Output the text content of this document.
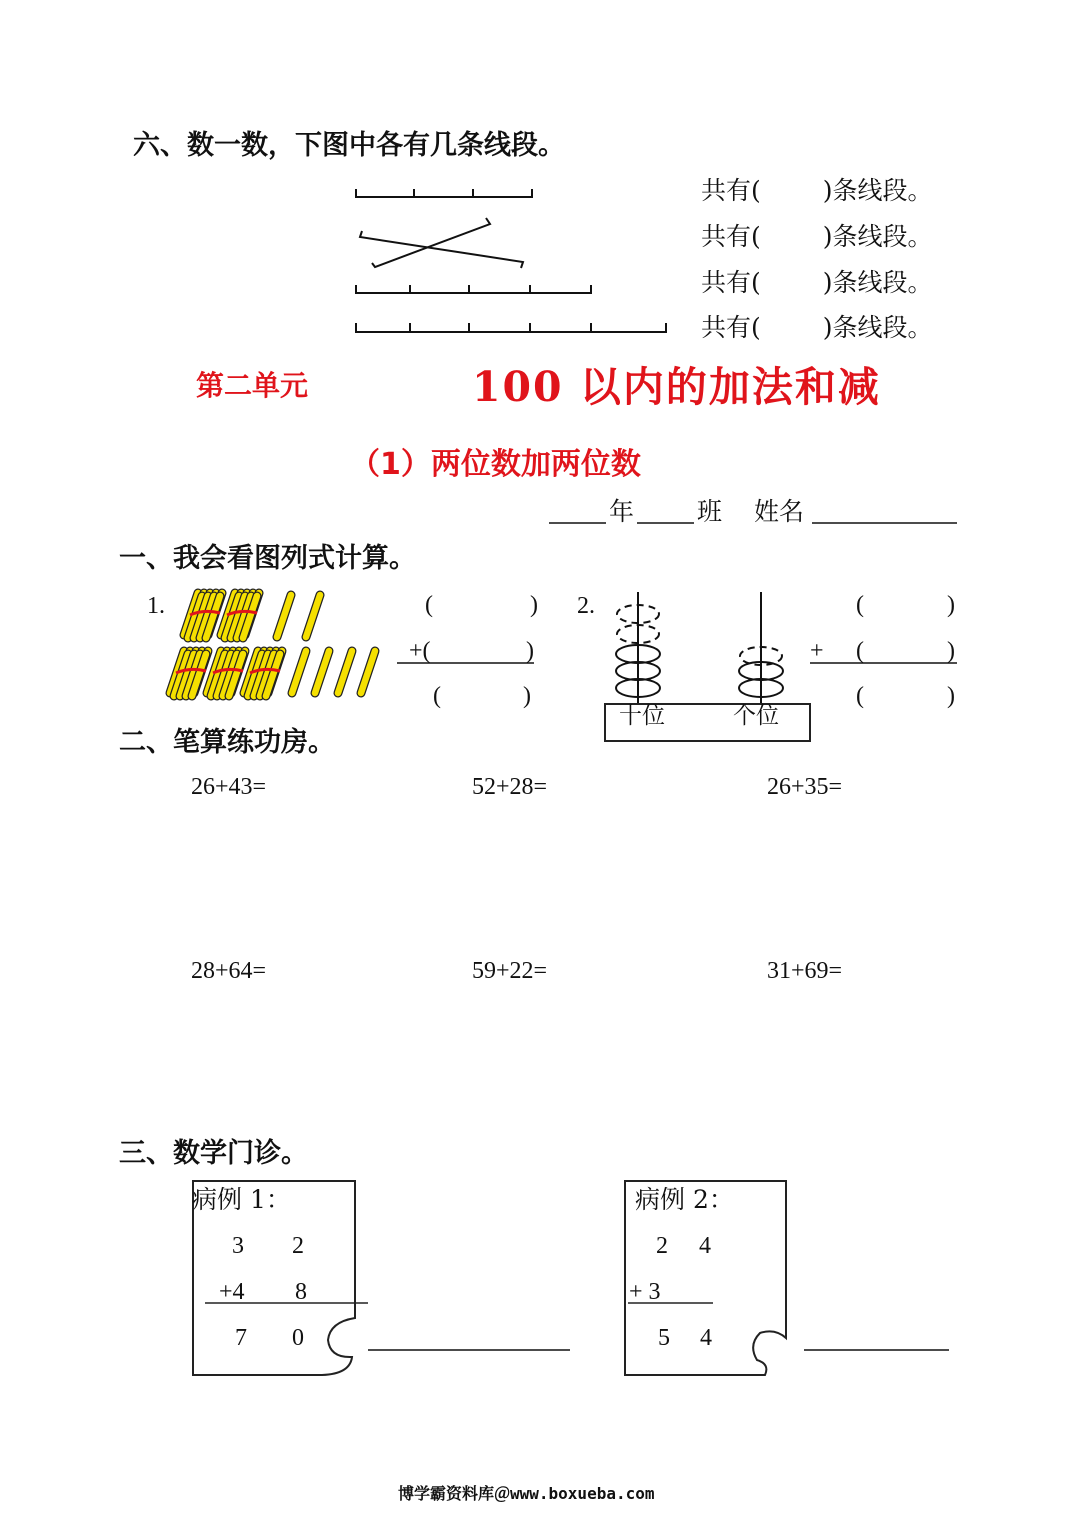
六、数一数，下图中各有几条线段。
共有( )条线段。
共有( )条线段。
共有( )条线段。
共有( )条线段。
第二单元	100 以内的加法和减
（1）两位数加两位数
年	班 姓名
一、我会看图列式计算。
1.	(	)
+(	)
(	)
2.	(	)
+ (	)
(	)
十位	个位
二、笔算练功房。
26+43=	52+28=	26+35=
28+64=	59+22=	31+69=
三、数学门诊。
病例 1：
3 2
+4 8
7 0
病例 2：
2 4
+ 3
5 4
博学霸资料库＠www.boxueba.com
